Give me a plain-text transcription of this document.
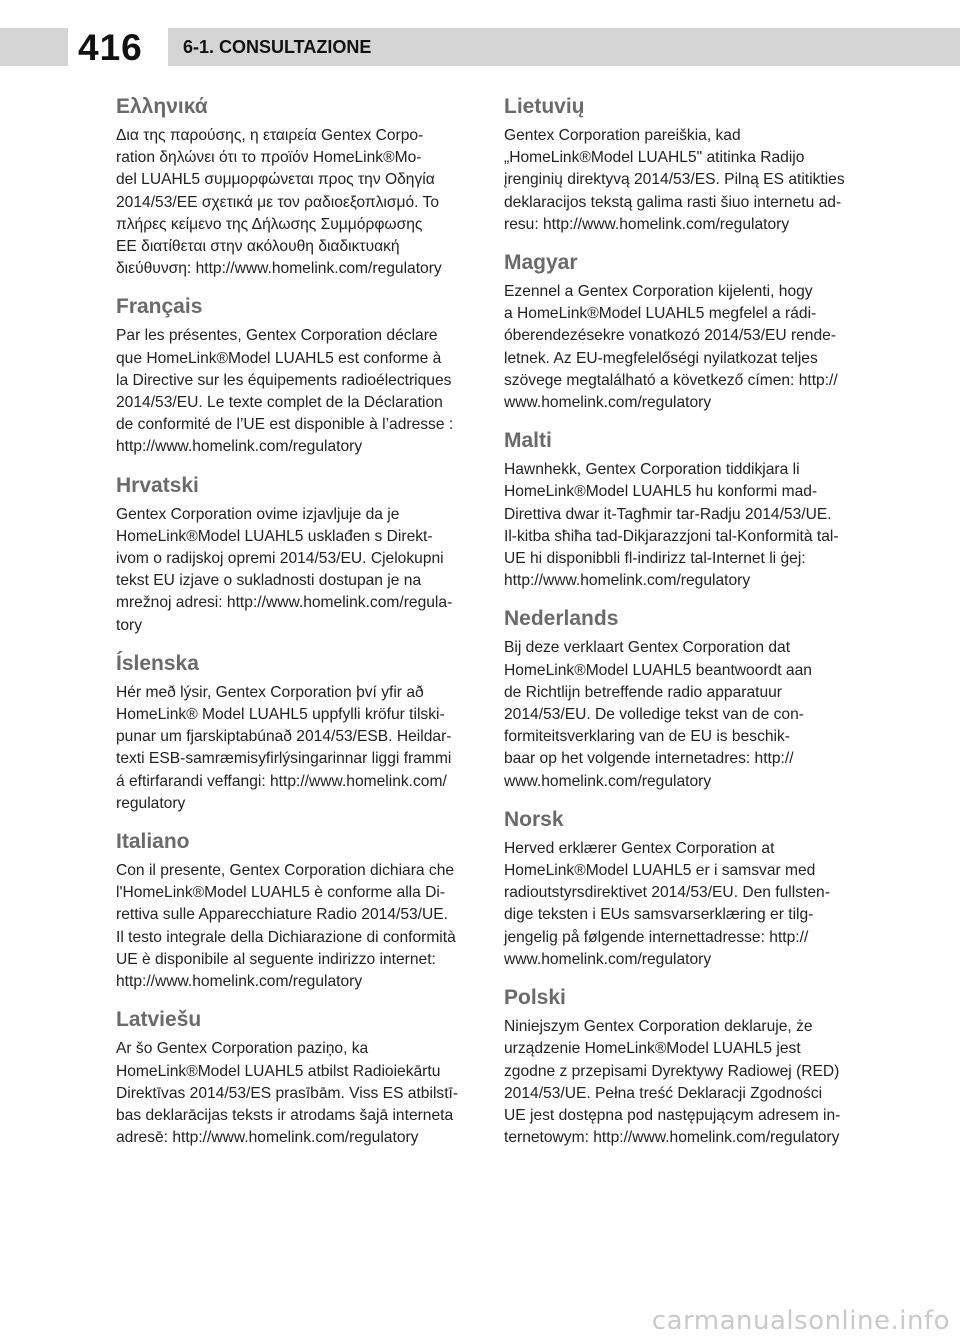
416 6-1. CONSULTAZIONE
Ελληνικά

Δια της παρούσης, η εταιρεία Gentex Corpo-
ration δηλώνει ότι το προϊόν HomeLink®Mo-
del LUAHL5 συμμορφώνεται προς την Οδηγία
2014/53/ΕΕ σχετικά με τον ραδιοεξοπλισμό. Το
πλήρες κείμενο της Δήλωσης Συμμόρφωσης
ΕΕ διατίθεται στην ακόλουθη διαδικτυακή
διεύθυνση: http://www.homelink.com/regulatory

Français

Par les présentes, Gentex Corporation déclare
que HomeLink®Model LUAHL5 est conforme à
la Directive sur les équipements radioélectriques
2014/53/EU. Le texte complet de la Déclaration
de conformité de l’UE est disponible à l’adresse :
http://www.homelink.com/regulatory

Hrvatski

Gentex Corporation ovime izjavljuje da je
HomeLink®Model LUAHL5 usklađen s Direkt-
ivom o radijskoj opremi 2014/53/EU. Cjelokupni
tekst EU izjave o sukladnosti dostupan je na
mrežnoj adresi: http://www.homelink.com/regula-
tory

Íslenska

Hér með lýsir, Gentex Corporation því yfir að
HomeLink® Model LUAHL5 uppfylli kröfur tilski-
punar um fjarskiptabúnað 2014/53/ESB. Heildar-
texti ESB-samræmisyfirlýsingarinnar liggi frammi
á eftirfarandi veffangi: http://www.homelink.com/
regulatory

Italiano

Con il presente, Gentex Corporation dichiara che
l'HomeLink®Model LUAHL5 è conforme alla Di-
rettiva sulle Apparecchiature Radio 2014/53/UE.
Il testo integrale della Dichiarazione di conformità
UE è disponibile al seguente indirizzo internet:
http://www.homelink.com/regulatory

Latviešu

Ar šo Gentex Corporation paziņo, ka
HomeLink®Model LUAHL5 atbilst Radioiekārtu
Direktīvas 2014/53/ES prasībām. Viss ES atbilstī-
bas deklarācijas teksts ir atrodams šajā interneta
adresē: http://www.homelink.com/regulatory

Lietuvių

Gentex Corporation pareiškia, kad
„HomeLink®Model LUAHL5" atitinka Radijo
įrenginių direktyvą 2014/53/ES. Pilną ES atitikties
deklaracijos tekstą galima rasti šiuo internetu ad-
resu: http://www.homelink.com/regulatory

Magyar

Ezennel a Gentex Corporation kijelenti, hogy
a HomeLink®Model LUAHL5 megfelel a rádi-
óberendezésekre vonatkozó 2014/53/EU rende-
letnek. Az EU-megfelelőségi nyilatkozat teljes
szövege megtalálható a következő címen: http://
www.homelink.com/regulatory

Malti

Hawnhekk, Gentex Corporation tiddikjara li
HomeLink®Model LUAHL5 hu konformi mad-
Direttiva dwar it-Tagħmir tar-Radju 2014/53/UE.
Il-kitba sħiħa tad-Dikjarazzjoni tal-Konformità tal-
UE hi disponibbli fl-indirizz tal-Internet li ġej:
http://www.homelink.com/regulatory

Nederlands

Bij deze verklaart Gentex Corporation dat
HomeLink®Model LUAHL5 beantwoordt aan
de Richtlijn betreffende radio apparatuur
2014/53/EU. De volledige tekst van de con-
formiteitsverklaring van de EU is beschik-
baar op het volgende internetadres: http://
www.homelink.com/regulatory

Norsk

Herved erklærer Gentex Corporation at
HomeLink®Model LUAHL5 er i samsvar med
radioutstyrsdirektivet 2014/53/EU. Den fullsten-
dige teksten i EUs samsvarserklæring er tilg-
jengelig på følgende internettadresse: http://
www.homelink.com/regulatory

Polski

Niniejszym Gentex Corporation deklaruje, że
urządzenie HomeLink®Model LUAHL5 jest
zgodne z przepisami Dyrektywy Radiowej (RED)
2014/53/UE. Pełna treść Deklaracji Zgodności
UE jest dostępna pod następującym adresem in-
ternetowym: http://www.homelink.com/regulatory

carmanualsonline.info
